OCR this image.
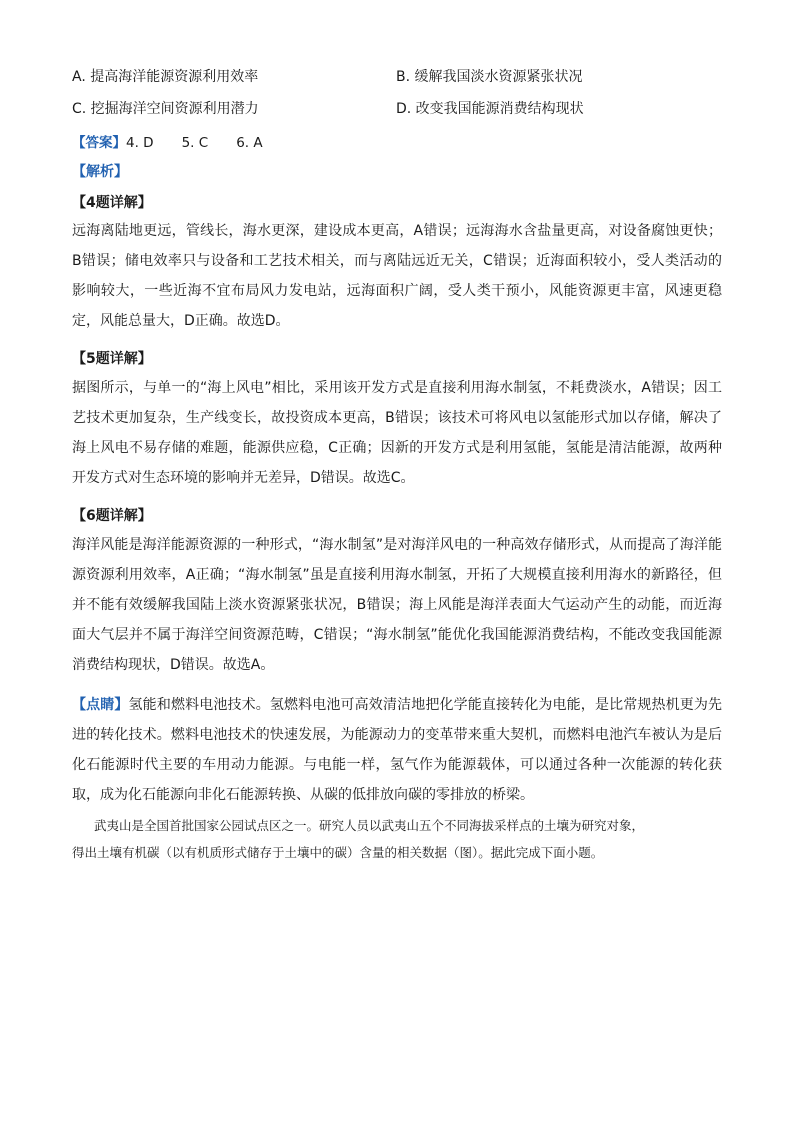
A. 提高海洋能源资源利用效率	B. 缓解我国淡水资源紧张状况
C. 挖掘海洋空间资源利用潜力	D. 改变我国能源消费结构现状
【答案】4. D 5. C 6. A
【解析】
【4题详解】
远海离陆地更远，管线长，海水更深，建设成本更高，A错误；远海海水含盐量更高，对设备腐蚀更快；
B错误；储电效率只与设备和工艺技术相关，而与离陆远近无关，C错误；近海面积较小，受人类活动的
影响较大，一些近海不宜布局风力发电站，远海面积广阔，受人类干预小，风能资源更丰富，风速更稳
定，风能总量大，D正确。故选D。
【5题详解】
据图所示，与单一的“海上风电”相比，采用该开发方式是直接利用海水制氢，不耗费淡水，A错误；因工
艺技术更加复杂，生产线变长，故投资成本更高，B错误；该技术可将风电以氢能形式加以存储，解决了
海上风电不易存储的难题，能源供应稳，C正确；因新的开发方式是利用氢能，氢能是清洁能源，故两种
开发方式对生态环境的影响并无差异，D错误。故选C。
【6题详解】
海洋风能是海洋能源资源的一种形式，“海水制氢”是对海洋风电的一种高效存储形式，从而提高了海洋能
源资源利用效率，A正确；“海水制氢”虽是直接利用海水制氢，开拓了大规模直接利用海水的新路径，但
并不能有效缓解我国陆上淡水资源紧张状况，B错误；海上风能是海洋表面大气运动产生的动能，而近海
面大气层并不属于海洋空间资源范畴，C错误；“海水制氢”能优化我国能源消费结构，不能改变我国能源
消费结构现状，D错误。故选A。
【点睛】氢能和燃料电池技术。氢燃料电池可高效清洁地把化学能直接转化为电能，是比常规热机更为先
进的转化技术。燃料电池技术的快速发展，为能源动力的变革带来重大契机，而燃料电池汽车被认为是后
化石能源时代主要的车用动力能源。与电能一样，氢气作为能源载体，可以通过各种一次能源的转化获
取，成为化石能源向非化石能源转换、从碳的低排放向碳的零排放的桥梁。
武夷山是全国首批国家公园试点区之一。研究人员以武夷山五个不同海拔采样点的土壤为研究对象，
得出土壤有机碳（以有机质形式储存于土壤中的碳）含量的相关数据（图）。据此完成下面小题。
